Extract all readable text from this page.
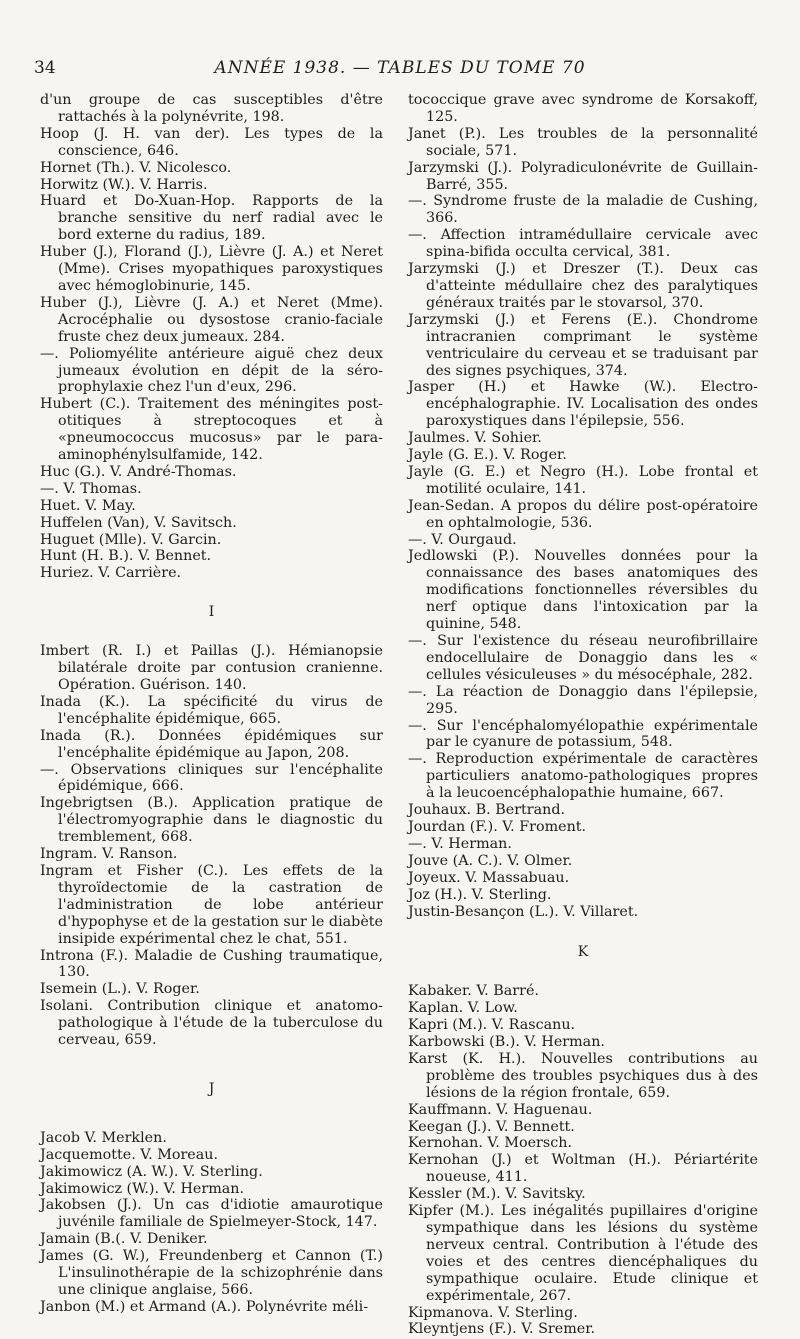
34	ANNÉE 1938. — TABLES DU TOME 70

d'un groupe de cas susceptibles d'être rattachés à la polynévrite, 198.

Hoop (J. H. van der). Les types de la conscience, 646.

Hornet (Th.). V. Nicolesco.

Horwitz (W.). V. Harris.

Huard et Do-Xuan-Hop. Rapports de la branche sensitive du nerf radial avec le bord externe du radius, 189.

Huber (J.), Florand (J.), Lièvre (J. A.) et Neret (Mme). Crises myopathiques paroxystiques avec hémoglobinurie, 145.

Huber (J.), Lièvre (J. A.) et Neret (Mme). Acrocéphalie ou dysostose cranio-faciale fruste chez deux jumeaux. 284.

—. Poliomyélite antérieure aiguë chez deux jumeaux évolution en dépit de la séro-prophylaxie chez l'un d'eux, 296.

Hubert (C.). Traitement des méningites post-otitiques à streptocoques et à «pneumococcus mucosus» par le para-aminophénylsulfamide, 142.

Huc (G.). V. André-Thomas.

—. V. Thomas.

Huet. V. May.

Huffelen (Van), V. Savitsch.

Huguet (Mlle). V. Garcin.

Hunt (H. B.). V. Bennet.

Huriez. V. Carrière.

I

Imbert (R. I.) et Paillas (J.). Hémianopsie bilatérale droite par contusion cranienne. Opération. Guérison. 140.

Inada (K.). La spécificité du virus de l'encéphalite épidémique, 665.

Inada (R.). Données épidémiques sur l'encéphalite épidémique au Japon, 208.

—. Observations cliniques sur l'encéphalite épidémique, 666.

Ingebrigtsen (B.). Application pratique de l'électromyographie dans le diagnostic du tremblement, 668.

Ingram. V. Ranson.

Ingram et Fisher (C.). Les effets de la thyroïdectomie de la castration de l'administration de lobe antérieur d'hypophyse et de la gestation sur le diabète insipide expérimental chez le chat, 551.

Introna (F.). Maladie de Cushing traumatique, 130.

Isemein (L.). V. Roger.

Isolani. Contribution clinique et anatomo-pathologique à l'étude de la tuberculose du cerveau, 659.

J

Jacob V. Merklen.

Jacquemotte. V. Moreau.

Jakimowicz (A. W.). V. Sterling.

Jakimowicz (W.). V. Herman.

Jakobsen (J.). Un cas d'idiotie amaurotique juvénile familiale de Spielmeyer-Stock, 147.

Jamain (B.(. V. Deniker.

James (G. W.), Freundenberg et Cannon (T.) L'insulinothérapie de la schizophrénie dans une clinique anglaise, 566.

Janbon (M.) et Armand (A.). Polynévrite méli-

tococcique grave avec syndrome de Korsakoff, 125.

Janet (P.). Les troubles de la personnalité sociale, 571.

Jarzymski (J.). Polyradiculonévrite de Guillain-Barré, 355.

—. Syndrome fruste de la maladie de Cushing, 366.

—. Affection intramédullaire cervicale avec spina-bifida occulta cervical, 381.

Jarzymski (J.) et Dreszer (T.). Deux cas d'atteinte médullaire chez des paralytiques généraux traités par le stovarsol, 370.

Jarzymski (J.) et Ferens (E.). Chondrome intracranien comprimant le système ventriculaire du cerveau et se traduisant par des signes psychiques, 374.

Jasper (H.) et Hawke (W.). Electro-encéphalographie. IV. Localisation des ondes paroxystiques dans l'épilepsie, 556.

Jaulmes. V. Sohier.

Jayle (G. E.). V. Roger.

Jayle (G. E.) et Negro (H.). Lobe frontal et motilité oculaire, 141.

Jean-Sedan. A propos du délire post-opératoire en ophtalmologie, 536.

—. V. Ourgaud.

Jedlowski (P.). Nouvelles données pour la connaissance des bases anatomiques des modifications fonctionnelles réversibles du nerf optique dans l'intoxication par la quinine, 548.

—. Sur l'existence du réseau neurofibrillaire endocellulaire de Donaggio dans les « cellules vésiculeuses » du mésocéphale, 282.

—. La réaction de Donaggio dans l'épilepsie, 295.

—. Sur l'encéphalomyélopathie expérimentale par le cyanure de potassium, 548.

—. Reproduction expérimentale de caractères particuliers anatomo-pathologiques propres à la leucoencéphalopathie humaine, 667.

Jouhaux. B. Bertrand.

Jourdan (F.). V. Froment.

—. V. Herman.

Jouve (A. C.). V. Olmer.

Joyeux. V. Massabuau.

Joz (H.). V. Sterling.

Justin-Besançon (L.). V. Villaret.

K

Kabaker. V. Barré.

Kaplan. V. Low.

Kapri (M.). V. Rascanu.

Karbowski (B.). V. Herman.

Karst (K. H.). Nouvelles contributions au problème des troubles psychiques dus à des lésions de la région frontale, 659.

Kauffmann. V. Haguenau.

Keegan (J.). V. Bennett.

Kernohan. V. Moersch.

Kernohan (J.) et Woltman (H.). Périartérite noueuse, 411.

Kessler (M.). V. Savitsky.

Kipfer (M.). Les inégalités pupillaires d'origine sympathique dans les lésions du système nerveux central. Contribution à l'étude des voies et des centres diencéphaliques du sympathique oculaire. Etude clinique et expérimentale, 267.

Kipmanova. V. Sterling.

Kleyntjens (F.). V. Sremer.
